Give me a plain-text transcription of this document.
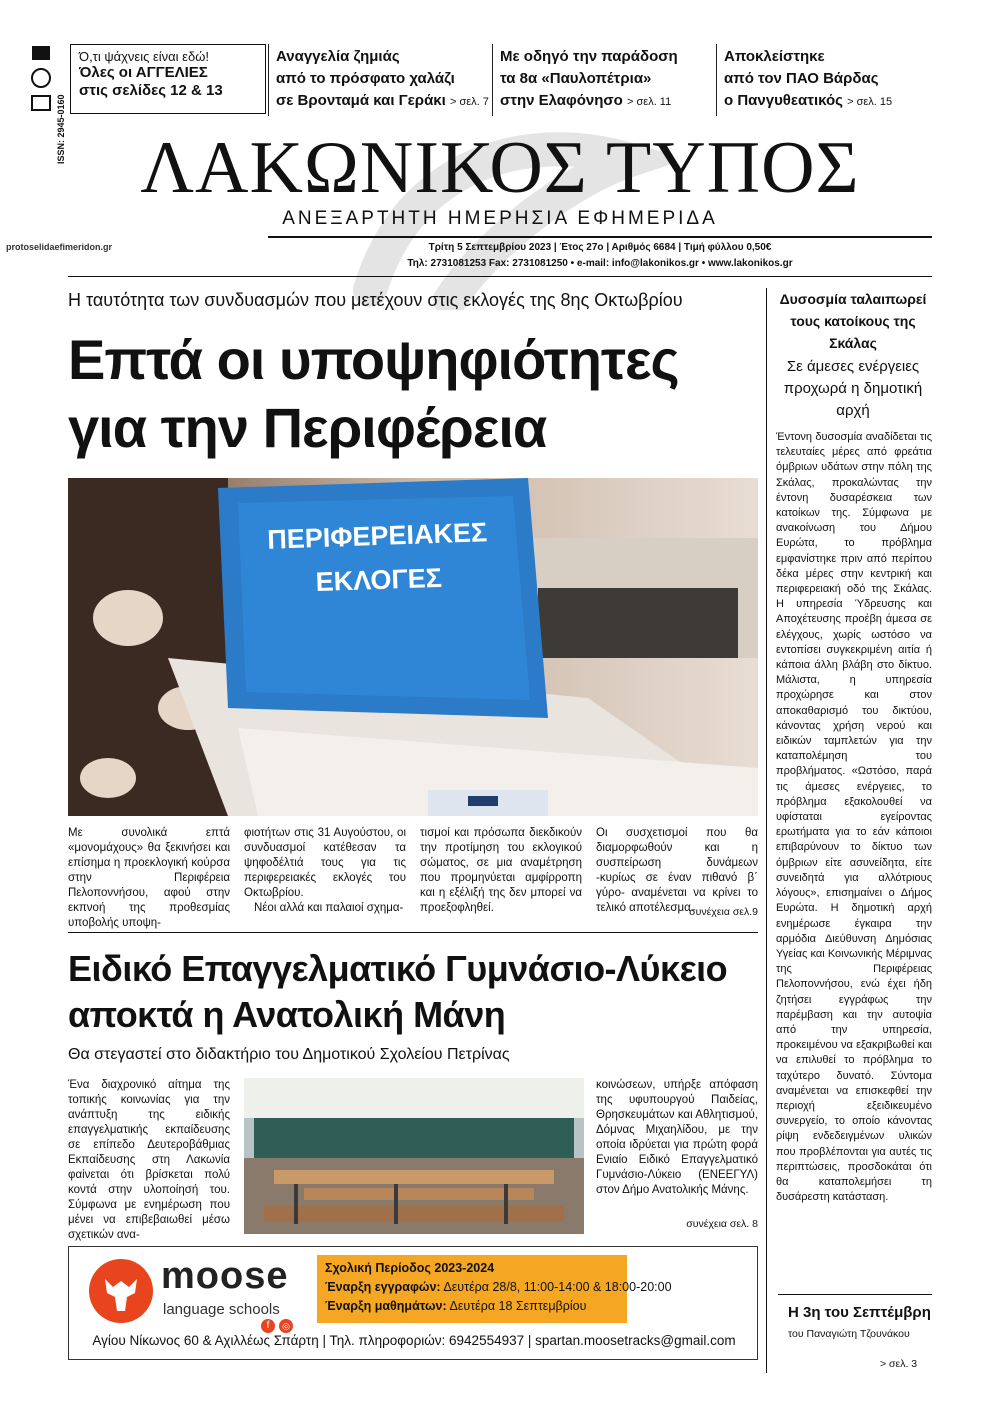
ISSN: 2945-0160
Ό,τι ψάχνεις είναι εδώ!
Όλες οι ΑΓΓΕΛΙΕΣ
στις σελίδες 12 & 13
Αναγγελία ζημιάς
από το πρόσφατο χαλάζι
σε Βρονταμά και Γεράκι > σελ. 7
Με οδηγό την παράδοση
τα 8α «Παυλοπέτρια»
στην Ελαφόνησο > σελ. 11
Αποκλείστηκε
από τον ΠΑΟ Βάρδας
ο Πανγυθεατικός > σελ. 15
ΛΑΚΩΝΙΚΟΣ ΤΥΠΟΣ
ΑΝΕΞΑΡΤΗΤΗ ΗΜΕΡΗΣΙΑ ΕΦΗΜΕΡΙΔΑ
protoselidaefimeridon.gr	Τρίτη 5 Σεπτεμβρίου 2023 | Έτος 27ο | Αριθμός 6684 | Τιμή φύλλου 0,50€
Τηλ: 2731081253 Fax: 2731081250 • e-mail: info@lakonikos.gr • www.lakonikos.gr
Η ταυτότητα των συνδυασμών που μετέχουν στις εκλογές της 8ης Οκτωβρίου
Επτά οι υποψηφιότητες
για την Περιφέρεια
ΠΕΡΙΦΕΡΕΙΑΚΕΣ
ΕΚΛΟΓΕΣ
Με συνολικά επτά «μονομάχους» θα ξεκινήσει και επίσημα η προεκλογική κούρσα στην Περιφέρεια Πελοποννήσου, αφού στην εκπνοή της προθεσμίας υποβολής υποψη-
φιοτήτων στις 31 Αυγούστου, οι συνδυασμοί κατέθεσαν τα ψηφοδέλτιά τους για τις περιφερειακές εκλογές του Οκτωβρίου.
Νέοι αλλά και παλαιοί σχημα-
τισμοί και πρόσωπα διεκδικούν την προτίμηση του εκλογικού σώματος, σε μια αναμέτρηση που προμηνύεται αμφίρροπη και η εξέλιξή της δεν μπορεί να προεξοφληθεί.
Οι συσχετισμοί που θα διαμορφωθούν και η συσπείρωση δυνάμεων -κυρίως σε έναν πιθανό β΄ γύρο- αναμένεται να κρίνει το τελικό αποτέλεσμα.
συνέχεια σελ.9
Ειδικό Επαγγελματικό Γυμνάσιο-Λύκειο
αποκτά η Ανατολική Μάνη
Θα στεγαστεί στο διδακτήριο του Δημοτικού Σχολείου Πετρίνας
Ένα διαχρονικό αίτημα της τοπικής κοινωνίας για την ανάπτυξη της ειδικής επαγγελματικής εκπαίδευσης σε επίπεδο Δευτεροβάθμιας Εκπαίδευσης στη Λακωνία φαίνεται ότι βρίσκεται πολύ κοντά στην υλοποίησή του. Σύμφωνα με ενημέρωση που μένει να επιβεβαιωθεί μέσω σχετικών ανα-
κοινώσεων, υπήρξε απόφαση της υφυπουργού Παιδείας, Θρησκευμάτων και Αθλητισμού, Δόμνας Μιχαηλίδου, με την οποία ιδρύεται για πρώτη φορά Ενιαίο Ειδικό Επαγγελματικό Γυμνάσιο-Λύκειο (ΕΝΕΕΓΥΛ) στον Δήμο Ανατολικής Μάνης.
συνέχεια σελ. 8
moose
language schools
f	◎
Σχολική Περίοδος 2023-2024
Έναρξη εγγραφών: Δευτέρα 28/8, 11:00-14:00 & 18:00-20:00
Έναρξη μαθημάτων: Δευτέρα 18 Σεπτεμβρίου
Αγίου Νίκωνος 60 & Αχιλλέως Σπάρτη | Τηλ. πληροφοριών: 6942554937 | spartan.moosetracks@gmail.com
Δυσοσμία ταλαιπωρεί τους κατοίκους της Σκάλας
Σε άμεσες ενέργειες προχωρά η δημοτική αρχή
Έντονη δυσοσμία αναδίδεται τις τελευταίες μέρες από φρεάτια όμβριων υδάτων στην πόλη της Σκάλας, προκαλώντας την έντονη δυσαρέσκεια των κατοίκων της. Σύμφωνα με ανακοίνωση του Δήμου Ευρώτα, το πρόβλημα εμφανίστηκε πριν από περίπου δέκα μέρες στην κεντρική και περιφερειακή οδό της Σκάλας. Η υπηρεσία Ύδρευσης και Αποχέτευσης προέβη άμεσα σε ελέγχους, χωρίς ωστόσο να εντοπίσει συγκεκριμένη αιτία ή κάποια άλλη βλάβη στο δίκτυο. Μάλιστα, η υπηρεσία προχώρησε και στον αποκαθαρισμό του δικτύου, κάνοντας χρήση νερού και ειδικών ταμπλετών για την καταπολέμηση του προβλήματος. «Ωστόσο, παρά τις άμεσες ενέργειες, το πρόβλημα εξακολουθεί να υφίσταται εγείροντας ερωτήματα για το εάν κάποιοι επιβαρύνουν το δίκτυο των όμβριων είτε ασυνείδητα, είτε συνειδητά για αλλότριους λόγους», επισημαίνει ο Δήμος Ευρώτα. Η δημοτική αρχή ενημέρωσε έγκαιρα την αρμόδια Διεύθυνση Δημόσιας Υγείας και Κοινωνικής Μέριμνας της Περιφέρειας Πελοποννήσου, ενώ έχει ήδη ζητήσει εγγράφως την παρέμβαση και την αυτοψία από την υπηρεσία, προκειμένου να εξακριβωθεί και να επιλυθεί το πρόβλημα το ταχύτερο δυνατό. Σύντομα αναμένεται να επισκεφθεί την περιοχή εξειδικευμένο συνεργείο, το οποίο κάνοντας ρίψη ενδεδειγμένων υλικών που προβλέπονται για αυτές τις περιπτώσεις, προσδοκάται ότι θα καταπολεμήσει τη δυσάρεστη κατάσταση.
Η 3η του Σεπτέμβρη
του Παναγιώτη Τζουνάκου
> σελ. 3
